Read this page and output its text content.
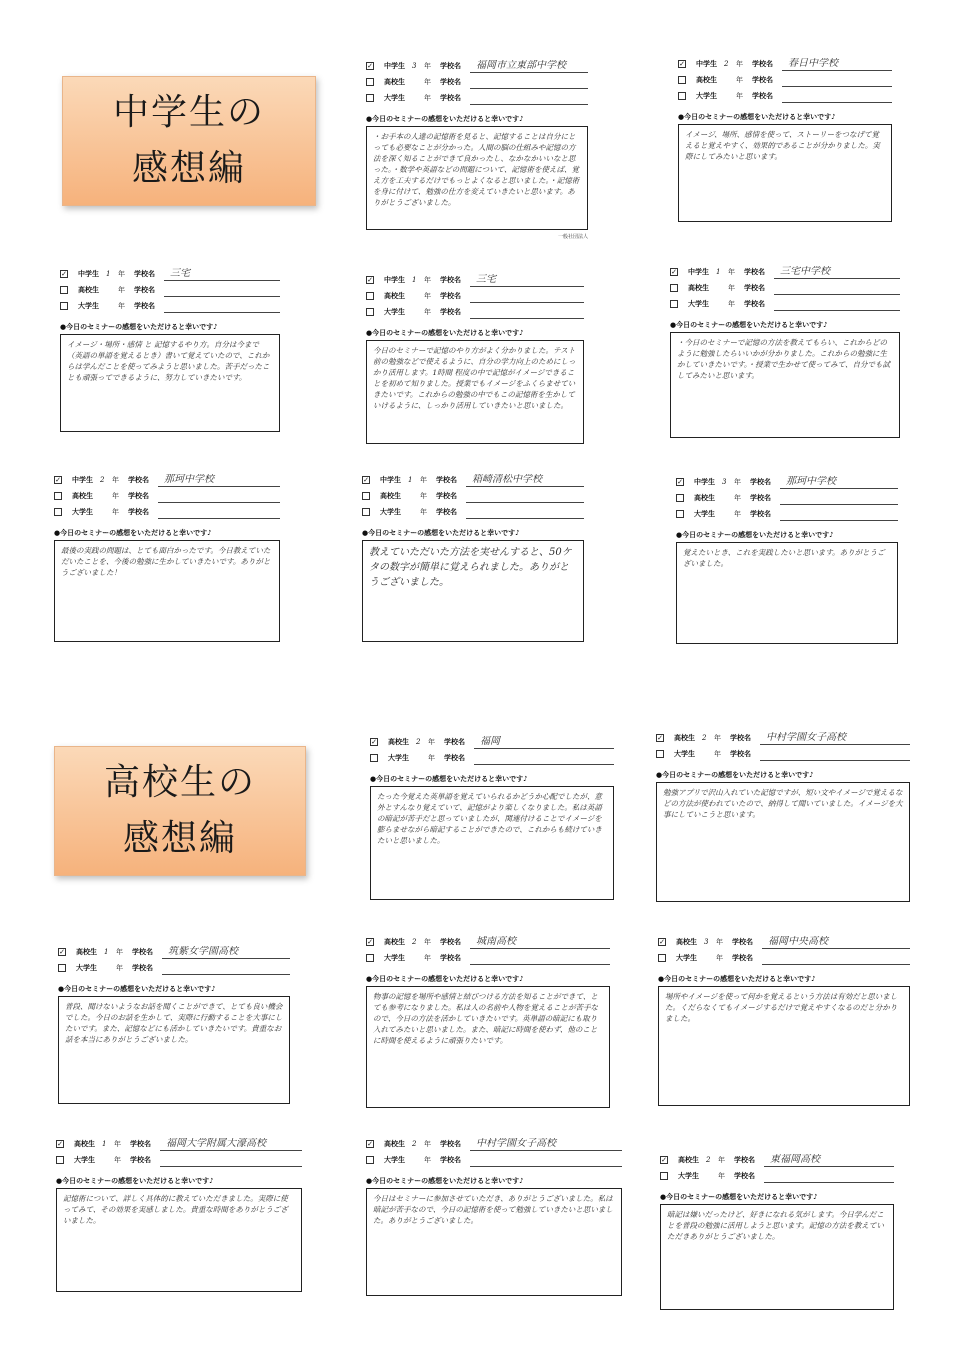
中学生の
感想編
高校生の
感想編
✓ 中学生	3 年	学校名	福岡市立東部中学校
高校生	年	学校名
大学生	年	学校名
●今日のセミナーの感想をいただけると幸いです♪
・お手本の人達の記憶術を見ると、記憶することは自分にとっても必要なことが分かった。人間の脳の仕組みや記憶の方法を深く知ることができて良かったし、なかなかいいなと思った。・数学や英語などの問題について、記憶術を使えば、覚え方を工夫するだけでもっとよくなると思いました。・記憶術を身に付けて、勉強の仕方を変えていきたいと思います。ありがとうございました。
一般社団法人
✓ 中学生	2 年	学校名	春日中学校
高校生	年	学校名
大学生	年	学校名
●今日のセミナーの感想をいただけると幸いです♪
イメージ、場所、感情を使って、ストーリーをつなげて覚えると覚えやすく、効果的であることが分かりました。実際にしてみたいと思います。
✓ 中学生	1 年	学校名	三宅
高校生	年	学校名
大学生	年	学校名
●今日のセミナーの感想をいただけると幸いです♪
イメージ・場所・感情 と 記憶するやり方。自分は今まで（英語の単語を覚えるとき）書いて覚えていたので、これからは学んだことを使ってみようと思いました。苦手だったことも頑張ってできるように、努力していきたいです。
✓ 中学生	1 年	学校名	三宅
高校生	年	学校名
大学生	年	学校名
●今日のセミナーの感想をいただけると幸いです♪
今日のセミナーで記憶のやり方がよく分かりました。テスト前の勉強などで使えるように、自分の学力向上のためにしっかり活用します。1時間 程度の中で記憶がイメージできることを初めて知りました。授業でもイメージをふくらませていきたいです。これからの勉強の中でもこの記憶術を生かしていけるように、しっかり活用していきたいと思いました。
✓ 中学生	1 年	学校名	三宅中学校
高校生	年	学校名
大学生	年	学校名
●今日のセミナーの感想をいただけると幸いです♪
・今日のセミナーで記憶の方法を教えてもらい、これからどのように勉強したらいいかが分かりました。これからの勉強に生かしていきたいです。・授業で生かせて使ってみて、自分でも試してみたいと思います。
✓ 中学生	2 年	学校名	那珂中学校
高校生	年	学校名
大学生	年	学校名
●今日のセミナーの感想をいただけると幸いです♪
最後の実践の問題は、とても面白かったです。今日教えていただいたことを、今後の勉強に生かしていきたいです。ありがとうございました！
✓ 中学生	1 年	学校名	箱崎清松中学校
高校生	年	学校名
大学生	年	学校名
●今日のセミナーの感想をいただけると幸いです♪
教えていただいた方法を実せんすると、50ケタの数字が簡単に覚えられました。ありがとうございました。
✓ 中学生	3 年	学校名	那珂中学校
高校生	年	学校名
大学生	年	学校名
●今日のセミナーの感想をいただけると幸いです♪
覚えたいとき、これを実践したいと思います。ありがとうございました。
✓ 高校生	2 年	学校名	福岡
大学生	年	学校名
●今日のセミナーの感想をいただけると幸いです♪
たった今覚えた英単語を覚えていられるかどうか心配でしたが、意外とすんなり覚えていて、記憶がより楽しくなりました。私は英語の暗記が苦手だと思っていましたが、関連付けることでイメージを膨らませながら暗記することができたので、これからも続けていきたいと思いました。
✓ 高校生	2 年	学校名	中村学園女子高校
大学生	年	学校名
●今日のセミナーの感想をいただけると幸いです♪
勉強アプリで沢山入れていた記憶ですが、短い文やイメージで覚えるなどの方法が使われていたので、納得して聞いていました。イメージを大事にしていこうと思います。
✓ 高校生	1 年	学校名	筑紫女学園高校
大学生	年	学校名
●今日のセミナーの感想をいただけると幸いです♪
普段、聞けないようなお話を聞くことができて、とても良い機会でした。今日のお話を生かして、実際に行動することを大事にしたいです。また、記憶などにも活かしていきたいです。貴重なお話を本当にありがとうございました。
✓ 高校生	2 年	学校名	城南高校
大学生	年	学校名
●今日のセミナーの感想をいただけると幸いです♪
物事の記憶を場所や感情と結びつける方法を知ることができて、とても参考になりました。私は人の名前や人物を覚えることが苦手なので、今日の方法を活かしていきたいです。英単語の暗記にも取り入れてみたいと思いました。また、暗記に時間を使わず、他のことに時間を使えるように頑張りたいです。
✓ 高校生	3 年	学校名	福岡中央高校
大学生	年	学校名
●今日のセミナーの感想をいただけると幸いです♪
場所やイメージを使って何かを覚えるという方法は有効だと思いました。くだらなくてもイメージするだけで覚えやすくなるのだと分かりました。
✓ 高校生	1 年	学校名	福岡大学附属大濠高校
大学生	年	学校名
●今日のセミナーの感想をいただけると幸いです♪
記憶術について、詳しく具体的に教えていただきました。実際に使ってみて、その効果を実感しました。貴重な時間をありがとうございました。
✓ 高校生	2 年	学校名	中村学園女子高校
大学生	年	学校名
●今日のセミナーの感想をいただけると幸いです♪
今日はセミナーに参加させていただき、ありがとうございました。私は暗記が苦手なので、今日の記憶術を使って勉強していきたいと思いました。ありがとうございました。
✓ 高校生	2 年	学校名	東福岡高校
大学生	年	学校名
●今日のセミナーの感想をいただけると幸いです♪
暗記は嫌いだったけど、好きになれる気がします。今日学んだことを普段の勉強に活用しようと思います。記憶の方法を教えていただきありがとうございました。
